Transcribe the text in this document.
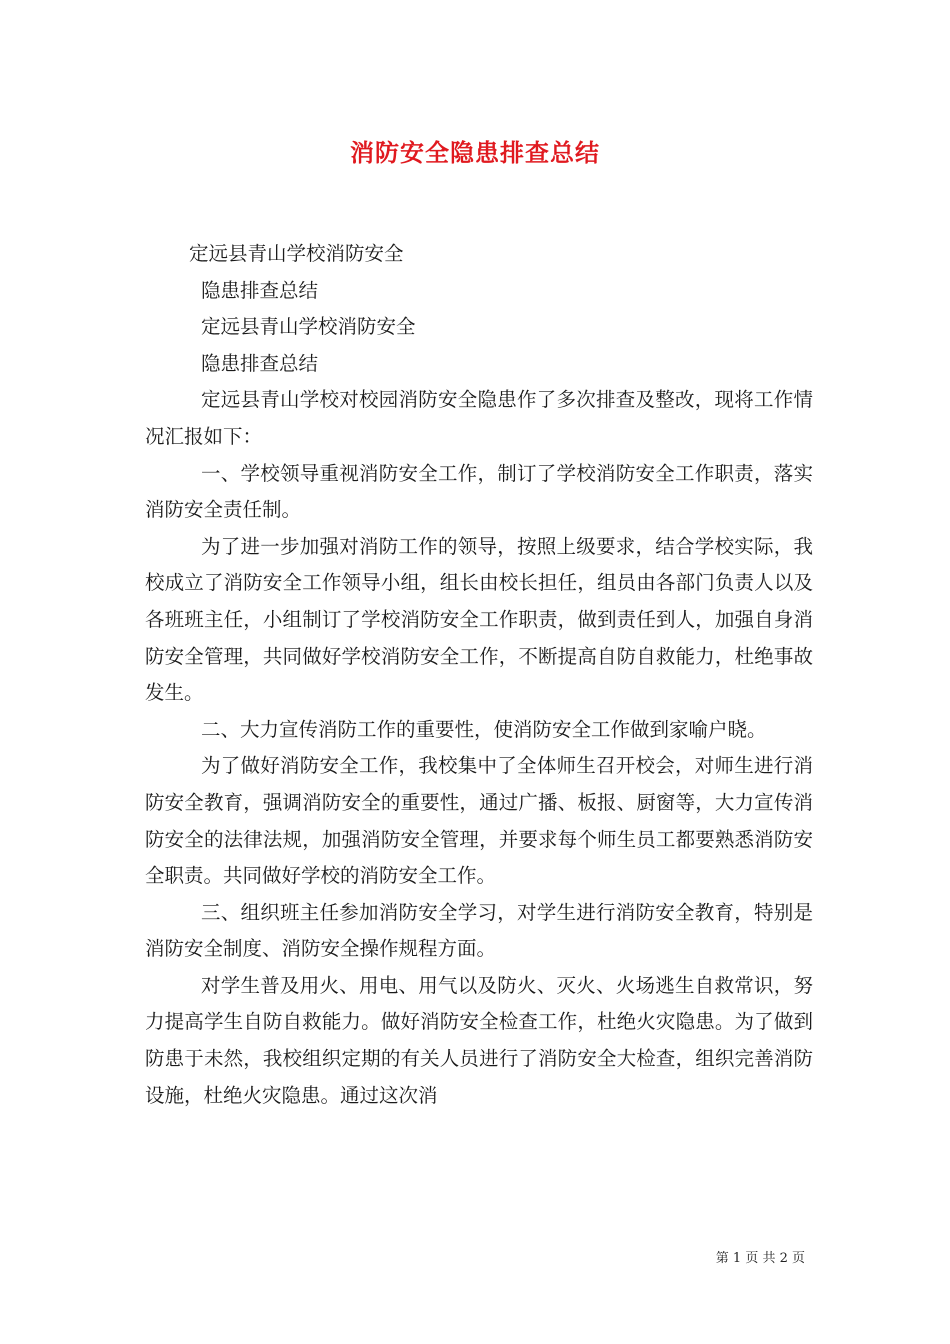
消防安全隐患排查总结

定远县青山学校消防安全

隐患排查总结

定远县青山学校消防安全

隐患排查总结

定远县青山学校对校园消防安全隐患作了多次排查及整改，现将工作情况汇报如下：

一、学校领导重视消防安全工作，制订了学校消防安全工作职责，落实消防安全责任制。

为了进一步加强对消防工作的领导，按照上级要求，结合学校实际，我校成立了消防安全工作领导小组，组长由校长担任，组员由各部门负责人以及各班班主任，小组制订了学校消防安全工作职责，做到责任到人，加强自身消防安全管理，共同做好学校消防安全工作，不断提高自防自救能力，杜绝事故发生。

二、大力宣传消防工作的重要性，使消防安全工作做到家喻户晓。

为了做好消防安全工作，我校集中了全体师生召开校会，对师生进行消防安全教育，强调消防安全的重要性，通过广播、板报、厨窗等，大力宣传消防安全的法律法规，加强消防安全管理，并要求每个师生员工都要熟悉消防安全职责。共同做好学校的消防安全工作。

三、组织班主任参加消防安全学习，对学生进行消防安全教育，特别是消防安全制度、消防安全操作规程方面。

对学生普及用火、用电、用气以及防火、灭火、火场逃生自救常识，努力提高学生自防自救能力。做好消防安全检查工作，杜绝火灾隐患。为了做到防患于未然，我校组织定期的有关人员进行了消防安全大检查，组织完善消防设施，杜绝火灾隐患。通过这次消

第 1 页 共 2 页
